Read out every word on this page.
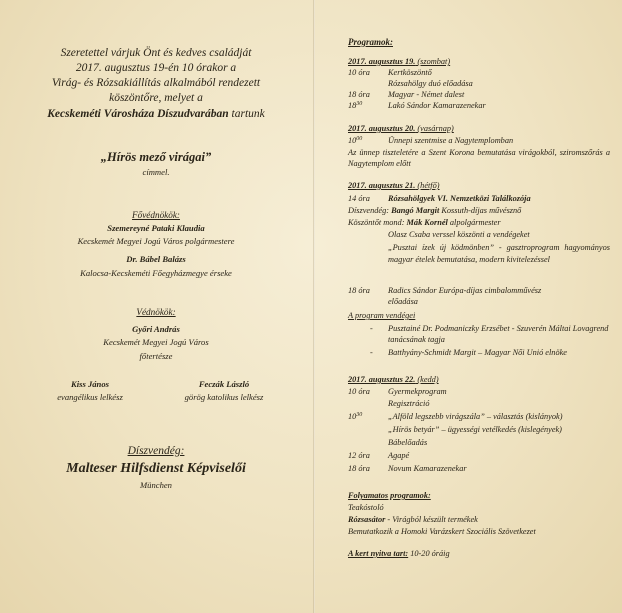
Szeretettel várjuk Önt és kedves családját
2017. augusztus 19-én 10 órakor a
Virág- és Rózsakiállítás alkalmából rendezett
köszöntőre, melyet a
Kecskeméti Városháza Díszudvarában tartunk
„Hírös mező virágai”
címmel.
Fővédnökök:
Szemereyné Pataki Klaudia
Kecskemét Megyei Jogú Város polgármestere
Dr. Bábel Balázs
Kalocsa-Kecskeméti Főegyházmegye érseke
Védnökök:
Győri András
Kecskemét Megyei Jogú Város
főtertésze
Kiss János
evangélikus lelkész
Feczák László
görög katolikus lelkész
Díszvendég:
Malteser Hilfsdienst Képviselői
München
Programok:
2017. augusztus 19. (szombat)
10 óra	Kertköszöntő
Rózsahölgy duó előadása
18 óra	Magyar - Német dalest
$18^{30}$	Lakó Sándor Kamarazenekar
2017. augusztus 20. (vasárnap)
$10^{00}$	Ünnepi szentmise a Nagytemplomban
Az ünnep tiszteletére a Szent Korona bemutatása virágokból, sziromszőrás a Nagytemplom előtt
2017. augusztus 21. (hétfő)
14 óra	Rózsahölgyek VI. Nemzetközi Találkozója
Díszvendég: Bangó Margit Kossuth-díjas művésznő
Köszöntőt mond: Mák Kornél alpolgármester
Olasz Csaba verssel köszönti a vendégeket
„Pusztai ízek új ködmönben” - gasztroprogram hagyományos magyar ételek bemutatása, modern kivitelezéssel
18 óra	Radics Sándor Európa-díjas cimbalomművész előadása
A program vendégei
- Pusztainé Dr. Podmaniczky Erzsébet - Szuverén Máltai Lovagrend tanácsának tagja
- Batthyány-Schmidt Margit – Magyar Női Unió elnöke
2017. augusztus 22. (kedd)
10 óra	Gyermekprogram
Regisztráció
$10^{30}$	„Alföld legszebb virágszála” – választás (kislányok)
„Hírös betyár” – ügyességi vetélkedés (kislegények)
Bábelőadás
12 óra	Agapé
18 óra	Novum Kamarazenekar
Folyamatos programok:
Teakóstoló
Rózsasátor - Virágból készült termékek
Bemutatkozik a Homoki Varázskert Szociális Szövetkezet
A kert nyitva tart: 10-20 óráig
